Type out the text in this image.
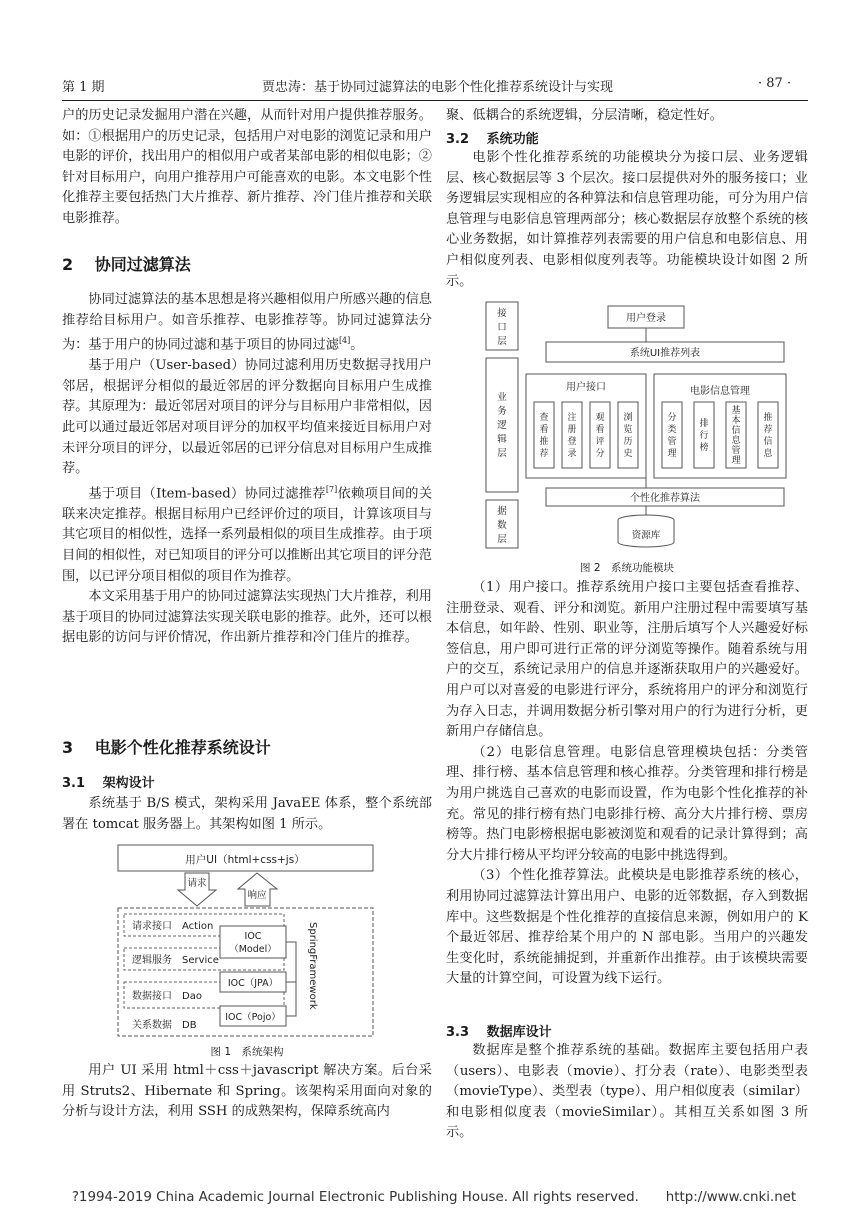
第 1 期	贾忠涛：基于协同过滤算法的电影个性化推荐系统设计与实现	· 87 ·

户的历史记录发掘用户潜在兴趣，从而针对用户提供推荐服务。如：①根据用户的历史记录，包括用户对电影的浏览记录和用户电影的评价，找出用户的相似用户或者某部电影的相似电影；②针对目标用户，向用户推荐用户可能喜欢的电影。本文电影个性化推荐主要包括热门大片推荐、新片推荐、冷门佳片推荐和关联电影推荐。

2　 协同过滤算法

协同过滤算法的基本思想是将兴趣相似用户所感兴趣的信息推荐给目标用户。如音乐推荐、电影推荐等。协同过滤算法分为：基于用户的协同过滤和基于项目的协同过滤[4]。

基于用户（User-based）协同过滤利用历史数据寻找用户邻居，根据评分相似的最近邻居的评分数据向目标用户生成推荐。其原理为：最近邻居对项目的评分与目标用户非常相似，因此可以通过最近邻居对项目评分的加权平均值来接近目标用户对未评分项目的评分，以最近邻居的已评分信息对目标用户生成推荐。

基于项目（Item-based）协同过滤推荐[7]依赖项目间的关联来决定推荐。根据目标用户已经评价过的项目，计算该项目与其它项目的相似性，选择一系列最相似的项目生成推荐。由于项目间的相似性，对已知项目的评分可以推断出其它项目的评分范围，以已评分项目相似的项目作为推荐。

本文采用基于用户的协同过滤算法实现热门大片推荐，利用基于项目的协同过滤算法实现关联电影的推荐。此外，还可以根据电影的访问与评价情况，作出新片推荐和冷门佳片的推荐。

3　 电影个性化推荐系统设计
3.1　 架构设计

系统基于 B/S 模式，架构采用 JavaEE 体系，整个系统部署在 tomcat 服务器上。其架构如图 1 所示。

用户UI（html+css+js）
请求
响应
请求接口　Action
逻辑服务　Service
数据接口　Dao
关系数据　DB
IOC
（Model）
IOC（JPA）
IOC（Pojo）
SpringFramework
图 1　系统架构

用户 UI 采用 html＋css＋javascript 解决方案。后台采用 Struts2、Hibernate 和 Spring。该架构采用面向对象的分析与设计方法，利用 SSH 的成熟架构，保障系统高内

聚、低耦合的系统逻辑，分层清晰，稳定性好。

3.2　 系统功能

电影个性化推荐系统的功能模块分为接口层、业务逻辑层、核心数据层等 3 个层次。接口层提供对外的服务接口；业务逻辑层实现相应的各种算法和信息管理功能，可分为用户信息管理与电影信息管理两部分；核心数据层存放整个系统的核心业务数据，如计算推荐列表需要的用户信息和电影信息、用户相似度列表、电影相似度列表等。功能模块设计如图 2 所示。

接口层
业务逻辑层
据数层
用户登录
系统UI推荐列表
用户接口	电影信息管理
查看推荐
注册登录
观看评分
浏览历史
分类管理
排行榜
基本信息管理
推荐信息
个性化推荐算法
资源库
图 2　系统功能模块

（1）用户接口。推荐系统用户接口主要包括查看推荐、注册登录、观看、评分和浏览。新用户注册过程中需要填写基本信息，如年龄、性别、职业等，注册后填写个人兴趣爱好标签信息，用户即可进行正常的评分浏览等操作。随着系统与用户的交互，系统记录用户的信息并逐渐获取用户的兴趣爱好。用户可以对喜爱的电影进行评分，系统将用户的评分和浏览行为存入日志，并调用数据分析引擎对用户的行为进行分析，更新用户存储信息。

（2）电影信息管理。电影信息管理模块包括：分类管理、排行榜、基本信息管理和核心推荐。分类管理和排行榜是为用户挑选自己喜欢的电影而设置，作为电影个性化推荐的补充。常见的排行榜有热门电影排行榜、高分大片排行榜、票房榜等。热门电影榜根据电影被浏览和观看的记录计算得到；高分大片排行榜从平均评分较高的电影中挑选得到。

（3）个性化推荐算法。此模块是电影推荐系统的核心，利用协同过滤算法计算出用户、电影的近邻数据，存入到数据库中。这些数据是个性化推荐的直接信息来源，例如用户的 K 个最近邻居、推荐给某个用户的 N 部电影。当用户的兴趣发生变化时，系统能捕捉到，并重新作出推荐。由于该模块需要大量的计算空间，可设置为线下运行。

3.3　 数据库设计

数据库是整个推荐系统的基础。数据库主要包括用户表（users）、电影表（movie）、打分表（rate）、电影类型表（movieType）、类型表（type）、用户相似度表（similar）和电影相似度表（movieSimilar）。其相互关系如图 3 所示。

?1994-2019 China Academic Journal Electronic Publishing House. All rights reserved.　　http://www.cnki.net
